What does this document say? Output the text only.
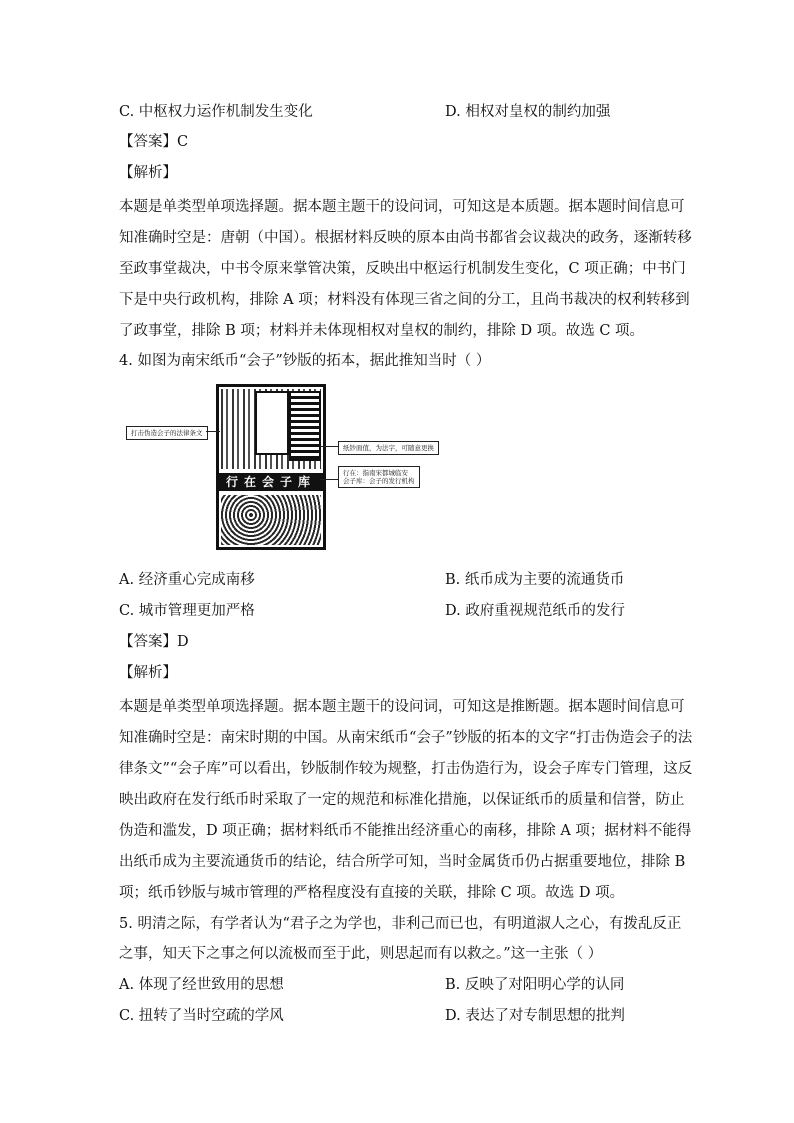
C. 中枢权力运作机制发生变化	D. 相权对皇权的制约加强
【答案】C
【解析】
本题是单类型单项选择题。据本题主题干的设问词，可知这是本质题。据本题时间信息可
知准确时空是：唐朝（中国）。根据材料反映的原本由尚书都省会议裁决的政务，逐渐转移
至政事堂裁决，中书令原来掌管决策，反映出中枢运行机制发生变化，C 项正确；中书门
下是中央行政机构，排除 A 项；材料没有体现三省之间的分工，且尚书裁决的权利转移到
了政事堂，排除 B 项；材料并未体现相权对皇权的制约，排除 D 项。故选 C 项。
4. 如图为南宋纸币“会子”钞版的拓本，据此推知当时（ ）
行在会子库
打击伪造会子的法律条文
纸钞面值，为法字，可随意更换
行在：指南宋都城临安
会子库：会子的发行机构
A. 经济重心完成南移	B. 纸币成为主要的流通货币
C. 城市管理更加严格	D. 政府重视规范纸币的发行
【答案】D
【解析】
本题是单类型单项选择题。据本题主题干的设问词，可知这是推断题。据本题时间信息可
知准确时空是：南宋时期的中国。从南宋纸币“会子”钞版的拓本的文字“打击伪造会子的法
律条文”“会子库”可以看出，钞版制作较为规整，打击伪造行为，设会子库专门管理，这反
映出政府在发行纸币时采取了一定的规范和标准化措施，以保证纸币的质量和信誉，防止
伪造和滥发，D 项正确；据材料纸币不能推出经济重心的南移，排除 A 项；据材料不能得
出纸币成为主要流通货币的结论，结合所学可知，当时金属货币仍占据重要地位，排除 B
项；纸币钞版与城市管理的严格程度没有直接的关联，排除 C 项。故选 D 项。
5. 明清之际，有学者认为“君子之为学也，非利己而已也，有明道淑人之心，有拨乱反正
之事，知天下之事之何以流极而至于此，则思起而有以救之。”这一主张（ ）
A. 体现了经世致用的思想	B. 反映了对阳明心学的认同
C. 扭转了当时空疏的学风	D. 表达了对专制思想的批判
